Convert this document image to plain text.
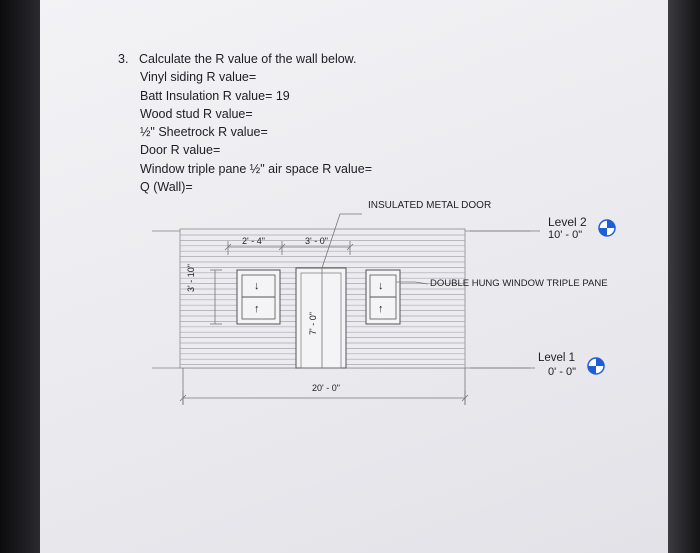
3. Calculate the R value of the wall below.
Vinyl siding R value=
Batt Insulation R value= 19
Wood stud R value=
½" Sheetrock R value=
Door R value=
Window triple pane ½" air space R value=
Q (Wall)=
INSULATED METAL DOOR
DOUBLE HUNG WINDOW TRIPLE PANE
Level 2
10' - 0"
Level 1
0' - 0"
2' - 4"	3' - 0"
3' - 10"
7' - 0"
20' - 0"
↓
↑
↓
↑
